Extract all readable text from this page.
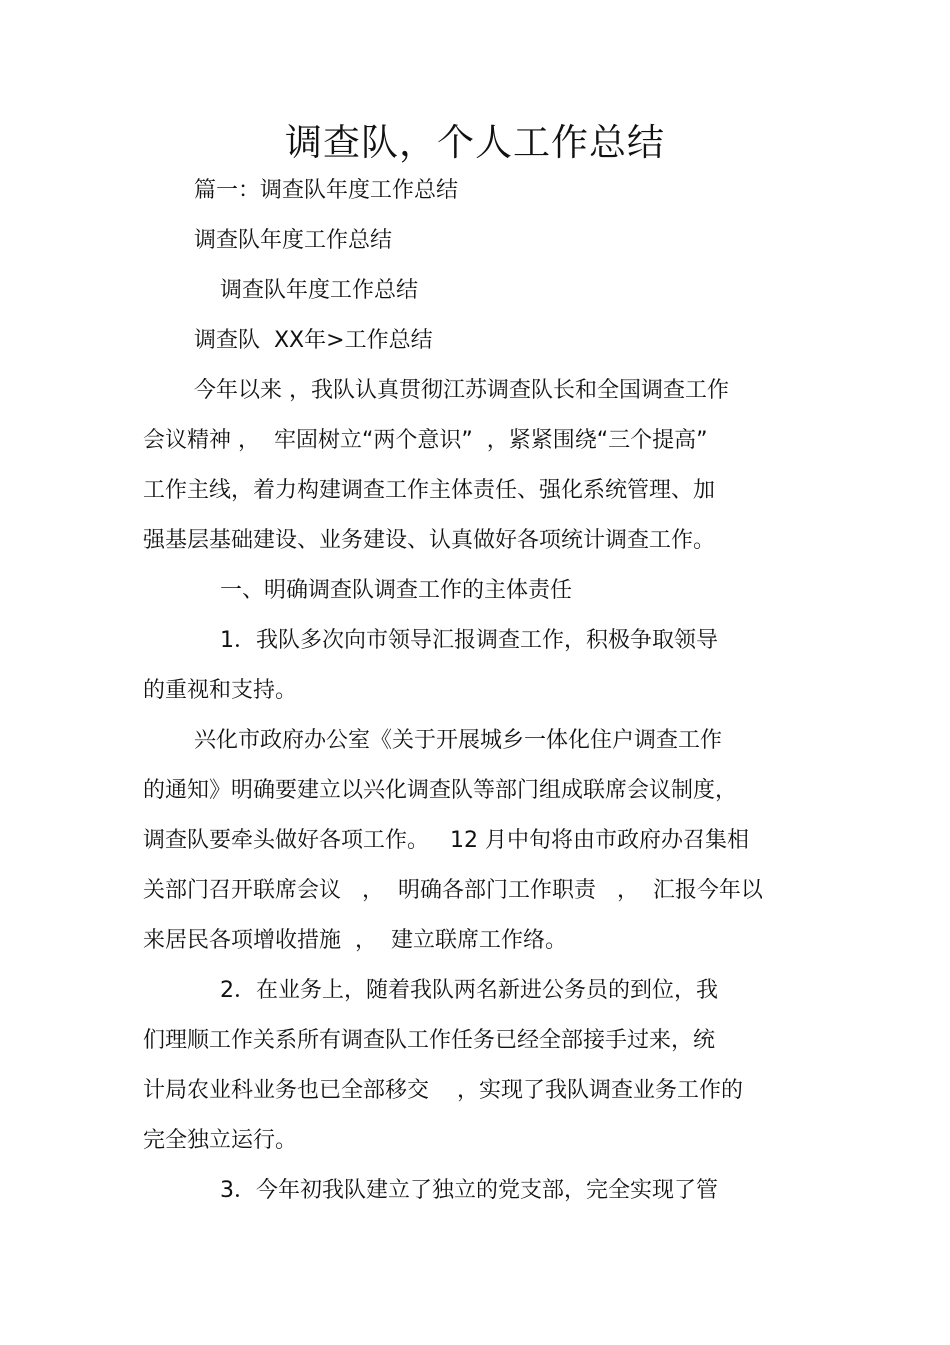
调查队，个人工作总结
篇一：调查队年度工作总结
调查队年度工作总结
调查队年度工作总结
调查队  XX年>工作总结
今年以来 ，我队认真贯彻江苏调查队长和全国调查工作
会议精神 ，  牢固树立“两个意识”  ，紧紧围绕“三个提高”
工作主线，着力构建调查工作主体责任、强化系统管理、加
强基层基础建设、业务建设、认真做好各项统计调查工作。
一、明确调查队调查工作的主体责任
1．我队多次向市领导汇报调查工作，积极争取领导
的重视和支持。
兴化市政府办公室《关于开展城乡一体化住户调查工作
的通知》明确要建立以兴化调查队等部门组成联席会议制度，
调查队要牵头做好各项工作。   12 月中旬将由市政府办召集相
关部门召开联席会议   ，  明确各部门工作职责   ，  汇报今年以
来居民各项增收措施  ，  建立联席工作络。
2．在业务上，随着我队两名新进公务员的到位，我
们理顺工作关系所有调查队工作任务已经全部接手过来，统
计局农业科业务也已全部移交    ，实现了我队调查业务工作的
完全独立运行。
3．今年初我队建立了独立的党支部，完全实现了管
